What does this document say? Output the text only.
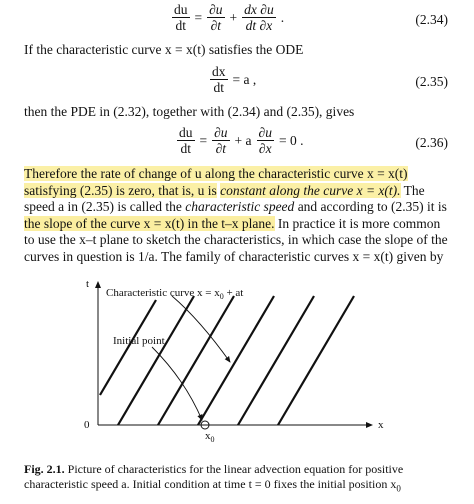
$\frac{du}{dt} = \frac{\partial u}{\partial t} + \frac{dx \partial u}{dt \partial x}$ .	(2.34)
If the characteristic curve x = x(t) satisfies the ODE
$\frac{dx}{dt} = a$ ,	(2.35)
then the PDE in (2.32), together with (2.34) and (2.35), gives
$\frac{du}{dt} = \frac{\partial u}{\partial t} + a \frac{\partial u}{\partial x} = 0$ .	(2.36)
Therefore the rate of change of u along the characteristic curve x = x(t)
satisfying (2.35) is zero, that is, u is constant along the curve x = x(t). The
speed a in (2.35) is called the characteristic speed and according to (2.35) it is
the slope of the curve x = x(t) in the t–x plane. In practice it is more common
to use the x–t plane to sketch the characteristics, in which case the slope of the
curves in question is 1/a. The family of characteristic curves x = x(t) given by
t
x
0
Characteristic curve $x = x_0$ + at
Initial point
$x_0$
Fig. 2.1. Picture of characteristics for the linear advection equation for positive characteristic speed a. Initial condition at time t = 0 fixes the initial position $x_0$
